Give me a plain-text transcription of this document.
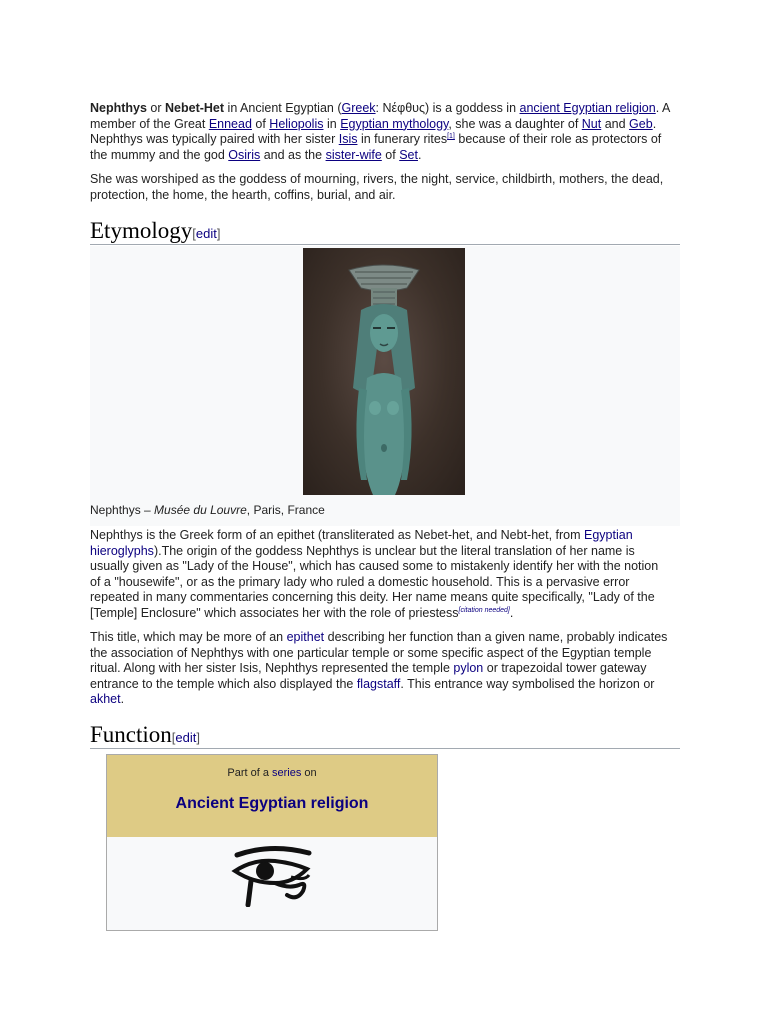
Nephthys or Nebet-Het in Ancient Egyptian (Greek: Νέφθυς) is a goddess in ancient Egyptian religion. A member of the Great Ennead of Heliopolis in Egyptian mythology, she was a daughter of Nut and Geb. Nephthys was typically paired with her sister Isis in funerary rites[1] because of their role as protectors of the mummy and the god Osiris and as the sister-wife of Set.

She was worshiped as the goddess of mourning, rivers, the night, service, childbirth, mothers, the dead, protection, the home, the hearth, coffins, burial, and air.

Etymology[edit]
Nephthys – Musée du Louvre, Paris, France

Nephthys is the Greek form of an epithet (transliterated as Nebet-het, and Nebt-het, from Egyptian hieroglyphs).The origin of the goddess Nephthys is unclear but the literal translation of her name is usually given as "Lady of the House", which has caused some to mistakenly identify her with the notion of a "housewife", or as the primary lady who ruled a domestic household. This is a pervasive error repeated in many commentaries concerning this deity. Her name means quite specifically, "Lady of the [Temple] Enclosure" which associates her with the role of priestess[citation needed].

This title, which may be more of an epithet describing her function than a given name, probably indicates the association of Nephthys with one particular temple or some specific aspect of the Egyptian temple ritual. Along with her sister Isis, Nephthys represented the temple pylon or trapezoidal tower gateway entrance to the temple which also displayed the flagstaff. This entrance way symbolised the horizon or akhet.

Function[edit]
Part of a series on
Ancient Egyptian religion
